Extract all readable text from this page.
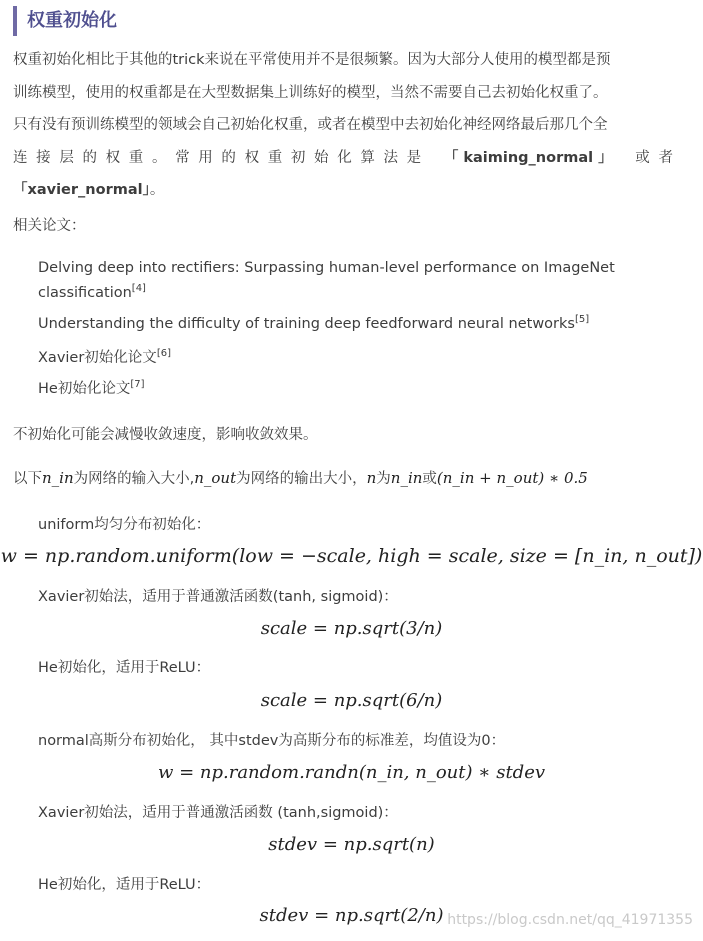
权重初始化
权重初始化相比于其他的trick来说在平常使用并不是很频繁。因为大部分人使用的模型都是预
训练模型，使用的权重都是在大型数据集上训练好的模型，当然不需要自己去初始化权重了。
只有没有预训练模型的领域会自己初始化权重，或者在模型中去初始化神经网络最后那几个全
连 接 层 的 权 重 。 常 用 的 权 重 初 始 化 算 法 是	「 kaiming_normal 」	或 者
「xavier_normal」。
相关论文：
Delving deep into rectifiers: Surpassing human-level performance on ImageNet
classification[4]
Understanding the difficulty of training deep feedforward neural networks[5]
Xavier初始化论文[6]
He初始化论文[7]
不初始化可能会减慢收敛速度，影响收敛效果。
以下n_in为网络的输入大小,n_out为网络的输出大小，n为n_in或(n_in + n_out) ∗ 0.5
uniform均匀分布初始化：
w = np.random.uniform(low = −scale, high = scale, size = [n_in, n_out])
Xavier初始法，适用于普通激活函数(tanh, sigmoid)：
scale = np.sqrt(3/n)
He初始化，适用于ReLU：
scale = np.sqrt(6/n)
normal高斯分布初始化， 其中stdev为高斯分布的标准差，均值设为0：
w = np.random.randn(n_in, n_out) ∗ stdev
Xavier初始法，适用于普通激活函数 (tanh,sigmoid)：
stdev = np.sqrt(n)
He初始化，适用于ReLU：
stdev = np.sqrt(2/n) https://blog.csdn.net/qq_41971355
